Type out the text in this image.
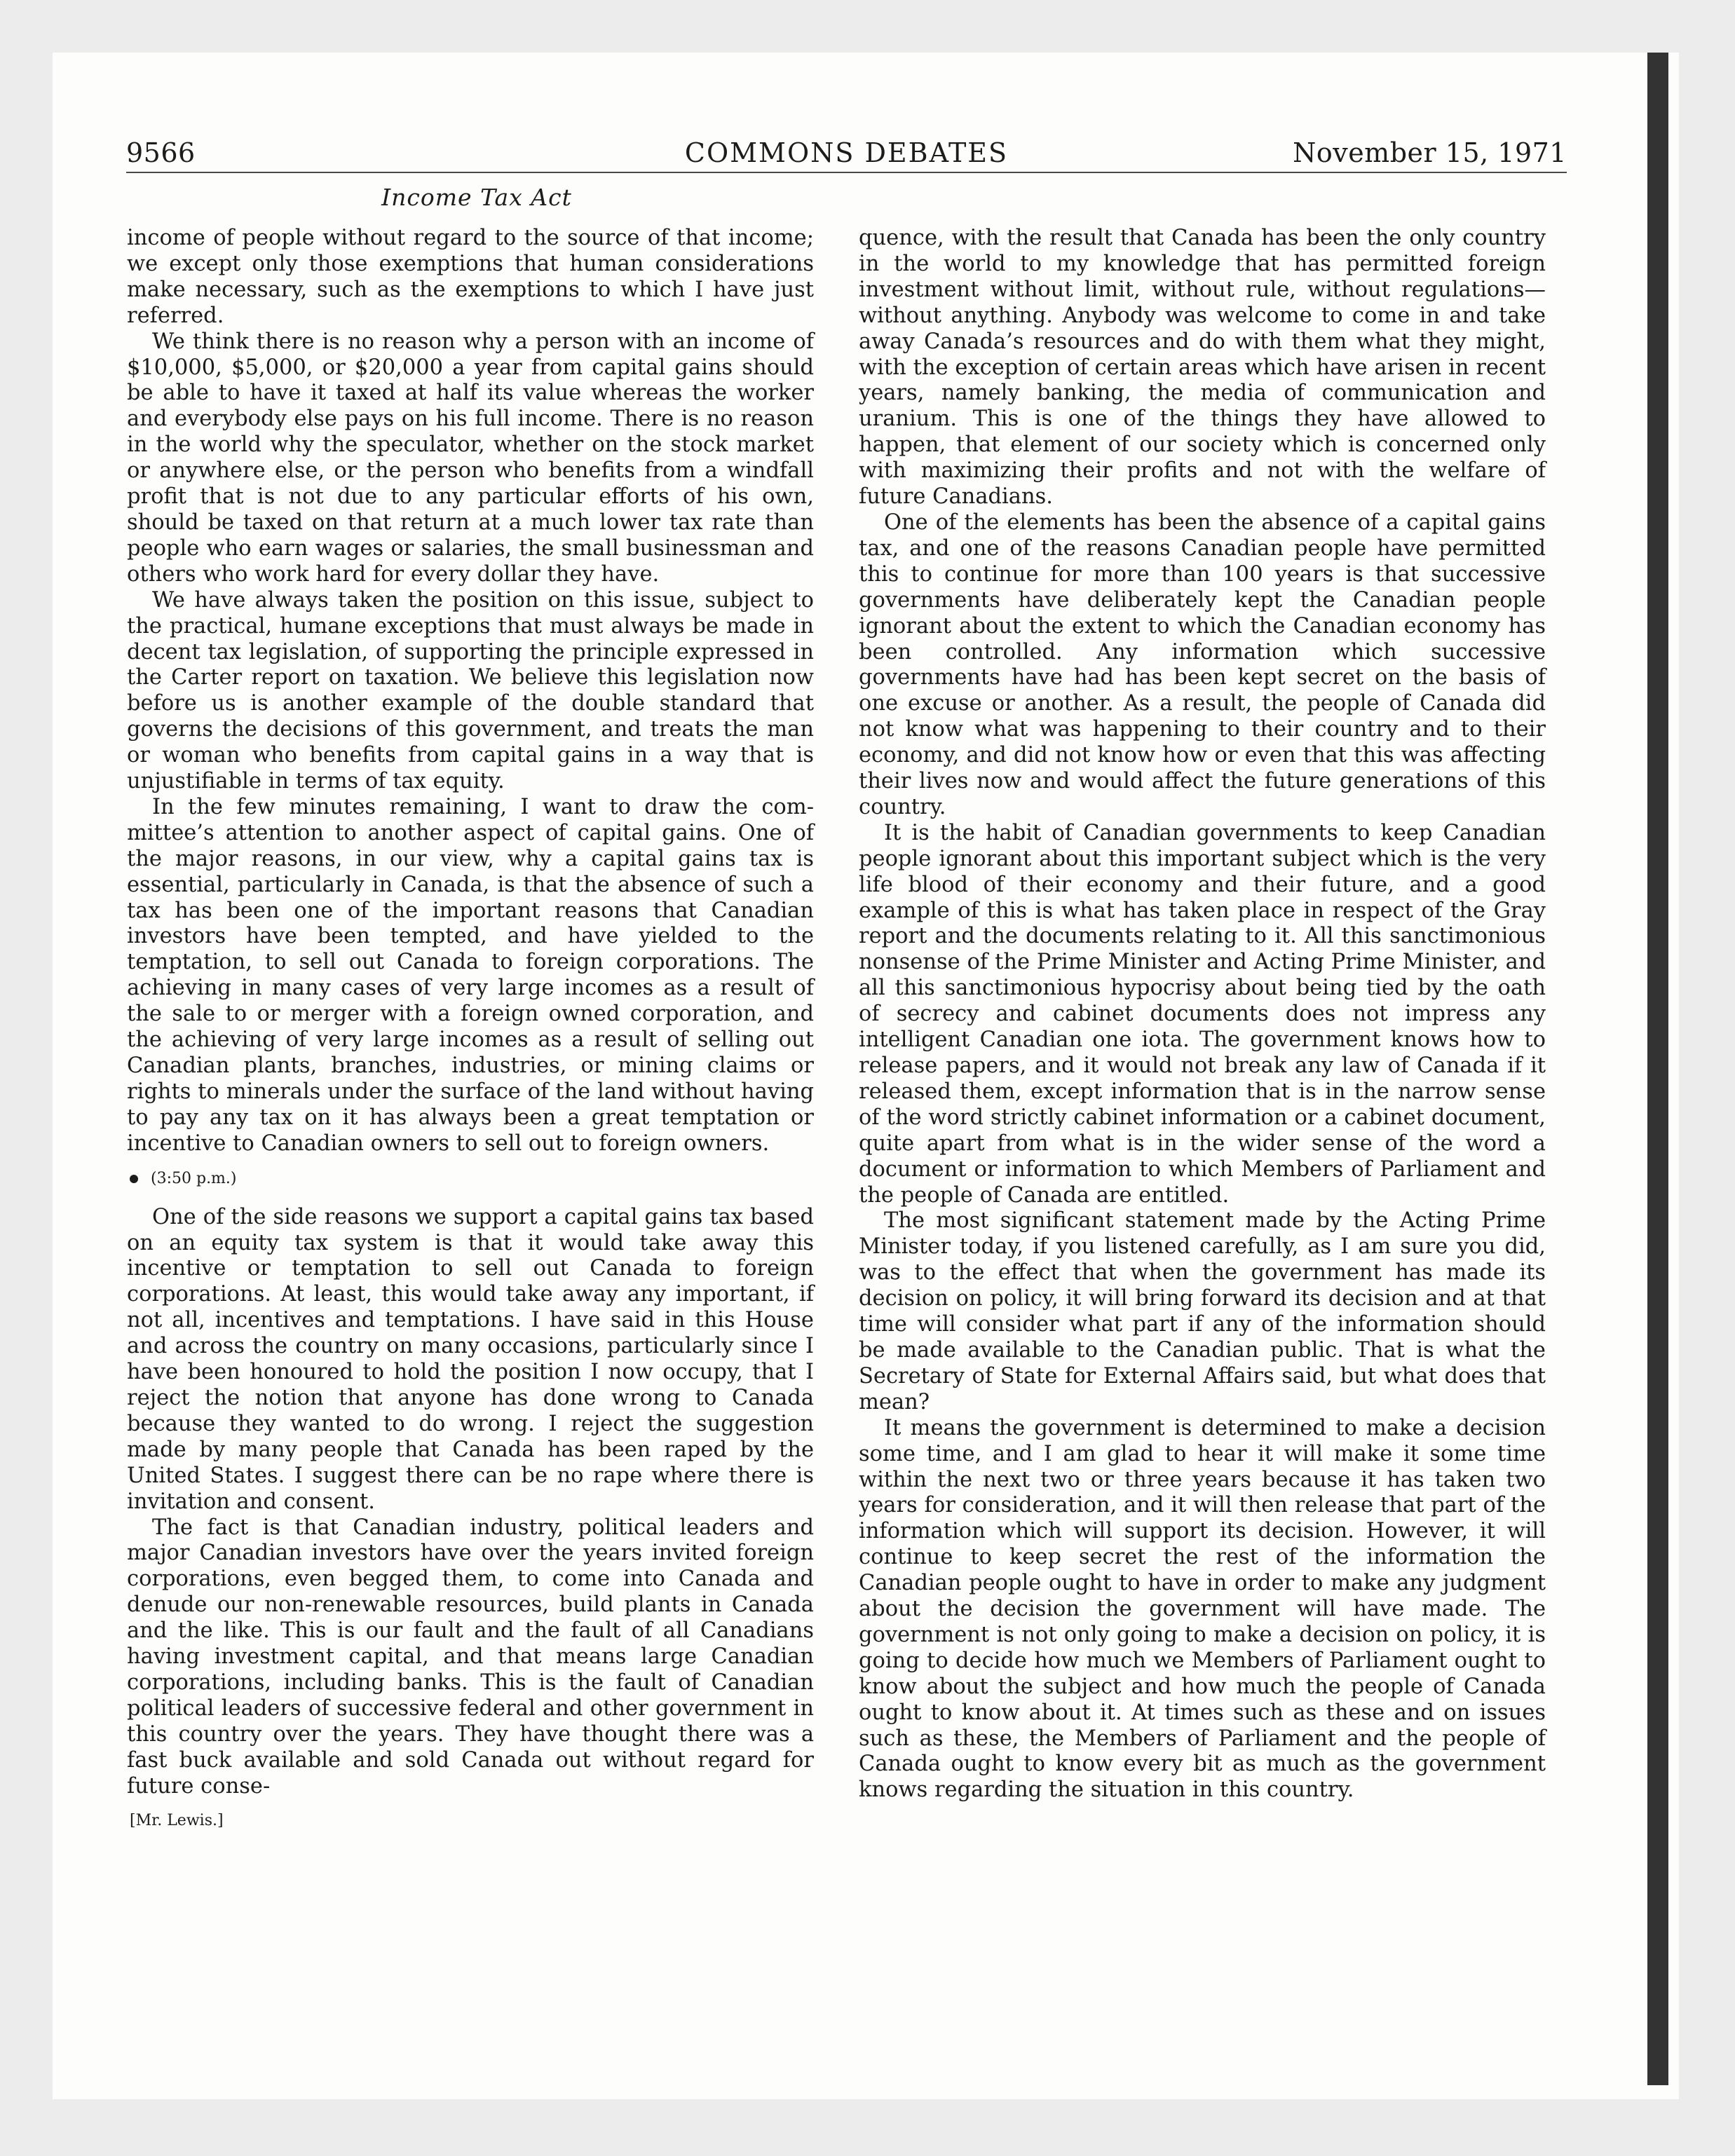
9566	COMMONS DEBATES	November 15, 1971
Income Tax Act

income of people without regard to the source of that income; we except only those exemptions that human considerations make necessary, such as the exemptions to which I have just referred.

We think there is no reason why a person with an income of $10,000, $5,000, or $20,000 a year from capital gains should be able to have it taxed at half its value whereas the worker and everybody else pays on his full income. There is no reason in the world why the speculator, whether on the stock market or anywhere else, or the person who benefits from a windfall profit that is not due to any particular efforts of his own, should be taxed on that return at a much lower tax rate than people who earn wages or salaries, the small businessman and others who work hard for every dollar they have.

We have always taken the position on this issue, subject to the practical, humane exceptions that must always be made in decent tax legislation, of supporting the principle expressed in the Carter report on taxation. We believe this legislation now before us is another example of the double standard that governs the decisions of this government, and treats the man or woman who benefits from capital gains in a way that is unjustifiable in terms of tax equity.

In the few minutes remaining, I want to draw the committee’s attention to another aspect of capital gains. One of the major reasons, in our view, why a capital gains tax is essential, particularly in Canada, is that the absence of such a tax has been one of the important reasons that Canadian investors have been tempted, and have yielded to the temptation, to sell out Canada to foreign corporations. The achieving in many cases of very large incomes as a result of the sale to or merger with a foreign owned corporation, and the achieving of very large incomes as a result of selling out Canadian plants, branches, industries, or mining claims or rights to minerals under the surface of the land without having to pay any tax on it has always been a great temptation or incentive to Canadian owners to sell out to foreign owners.

(3:50 p.m.)

One of the side reasons we support a capital gains tax based on an equity tax system is that it would take away this incentive or temptation to sell out Canada to foreign corporations. At least, this would take away any important, if not all, incentives and temptations. I have said in this House and across the country on many occasions, particularly since I have been honoured to hold the position I now occupy, that I reject the notion that anyone has done wrong to Canada because they wanted to do wrong. I reject the suggestion made by many people that Canada has been raped by the United States. I suggest there can be no rape where there is invitation and consent.

The fact is that Canadian industry, political leaders and major Canadian investors have over the years invited foreign corporations, even begged them, to come into Canada and denude our non-renewable resources, build plants in Canada and the like. This is our fault and the fault of all Canadians having investment capital, and that means large Canadian corporations, including banks. This is the fault of Canadian political leaders of successive federal and other government in this country over the years. They have thought there was a fast buck available and sold Canada out without regard for future conse-

[Mr. Lewis.]

quence, with the result that Canada has been the only country in the world to my knowledge that has permitted foreign investment without limit, without rule, without regulations—without anything. Anybody was welcome to come in and take away Canada’s resources and do with them what they might, with the exception of certain areas which have arisen in recent years, namely banking, the media of communication and uranium. This is one of the things they have allowed to happen, that element of our society which is concerned only with maximizing their profits and not with the welfare of future Canadians.

One of the elements has been the absence of a capital gains tax, and one of the reasons Canadian people have permitted this to continue for more than 100 years is that successive governments have deliberately kept the Canadian people ignorant about the extent to which the Canadian economy has been controlled. Any information which successive governments have had has been kept secret on the basis of one excuse or another. As a result, the people of Canada did not know what was happening to their country and to their economy, and did not know how or even that this was affecting their lives now and would affect the future generations of this country.

It is the habit of Canadian governments to keep Canadian people ignorant about this important subject which is the very life blood of their economy and their future, and a good example of this is what has taken place in respect of the Gray report and the documents relating to it. All this sanctimonious nonsense of the Prime Minister and Acting Prime Minister, and all this sanctimonious hypocrisy about being tied by the oath of secrecy and cabinet documents does not impress any intelligent Canadian one iota. The government knows how to release papers, and it would not break any law of Canada if it released them, except information that is in the narrow sense of the word strictly cabinet information or a cabinet document, quite apart from what is in the wider sense of the word a document or information to which Members of Parliament and the people of Canada are entitled.

The most significant statement made by the Acting Prime Minister today, if you listened carefully, as I am sure you did, was to the effect that when the government has made its decision on policy, it will bring forward its decision and at that time will consider what part if any of the information should be made available to the Canadian public. That is what the Secretary of State for External Affairs said, but what does that mean?

It means the government is determined to make a decision some time, and I am glad to hear it will make it some time within the next two or three years because it has taken two years for consideration, and it will then release that part of the information which will support its decision. However, it will continue to keep secret the rest of the information the Canadian people ought to have in order to make any judgment about the decision the government will have made. The government is not only going to make a decision on policy, it is going to decide how much we Members of Parliament ought to know about the subject and how much the people of Canada ought to know about it. At times such as these and on issues such as these, the Members of Parliament and the people of Canada ought to know every bit as much as the government knows regarding the situation in this country.
